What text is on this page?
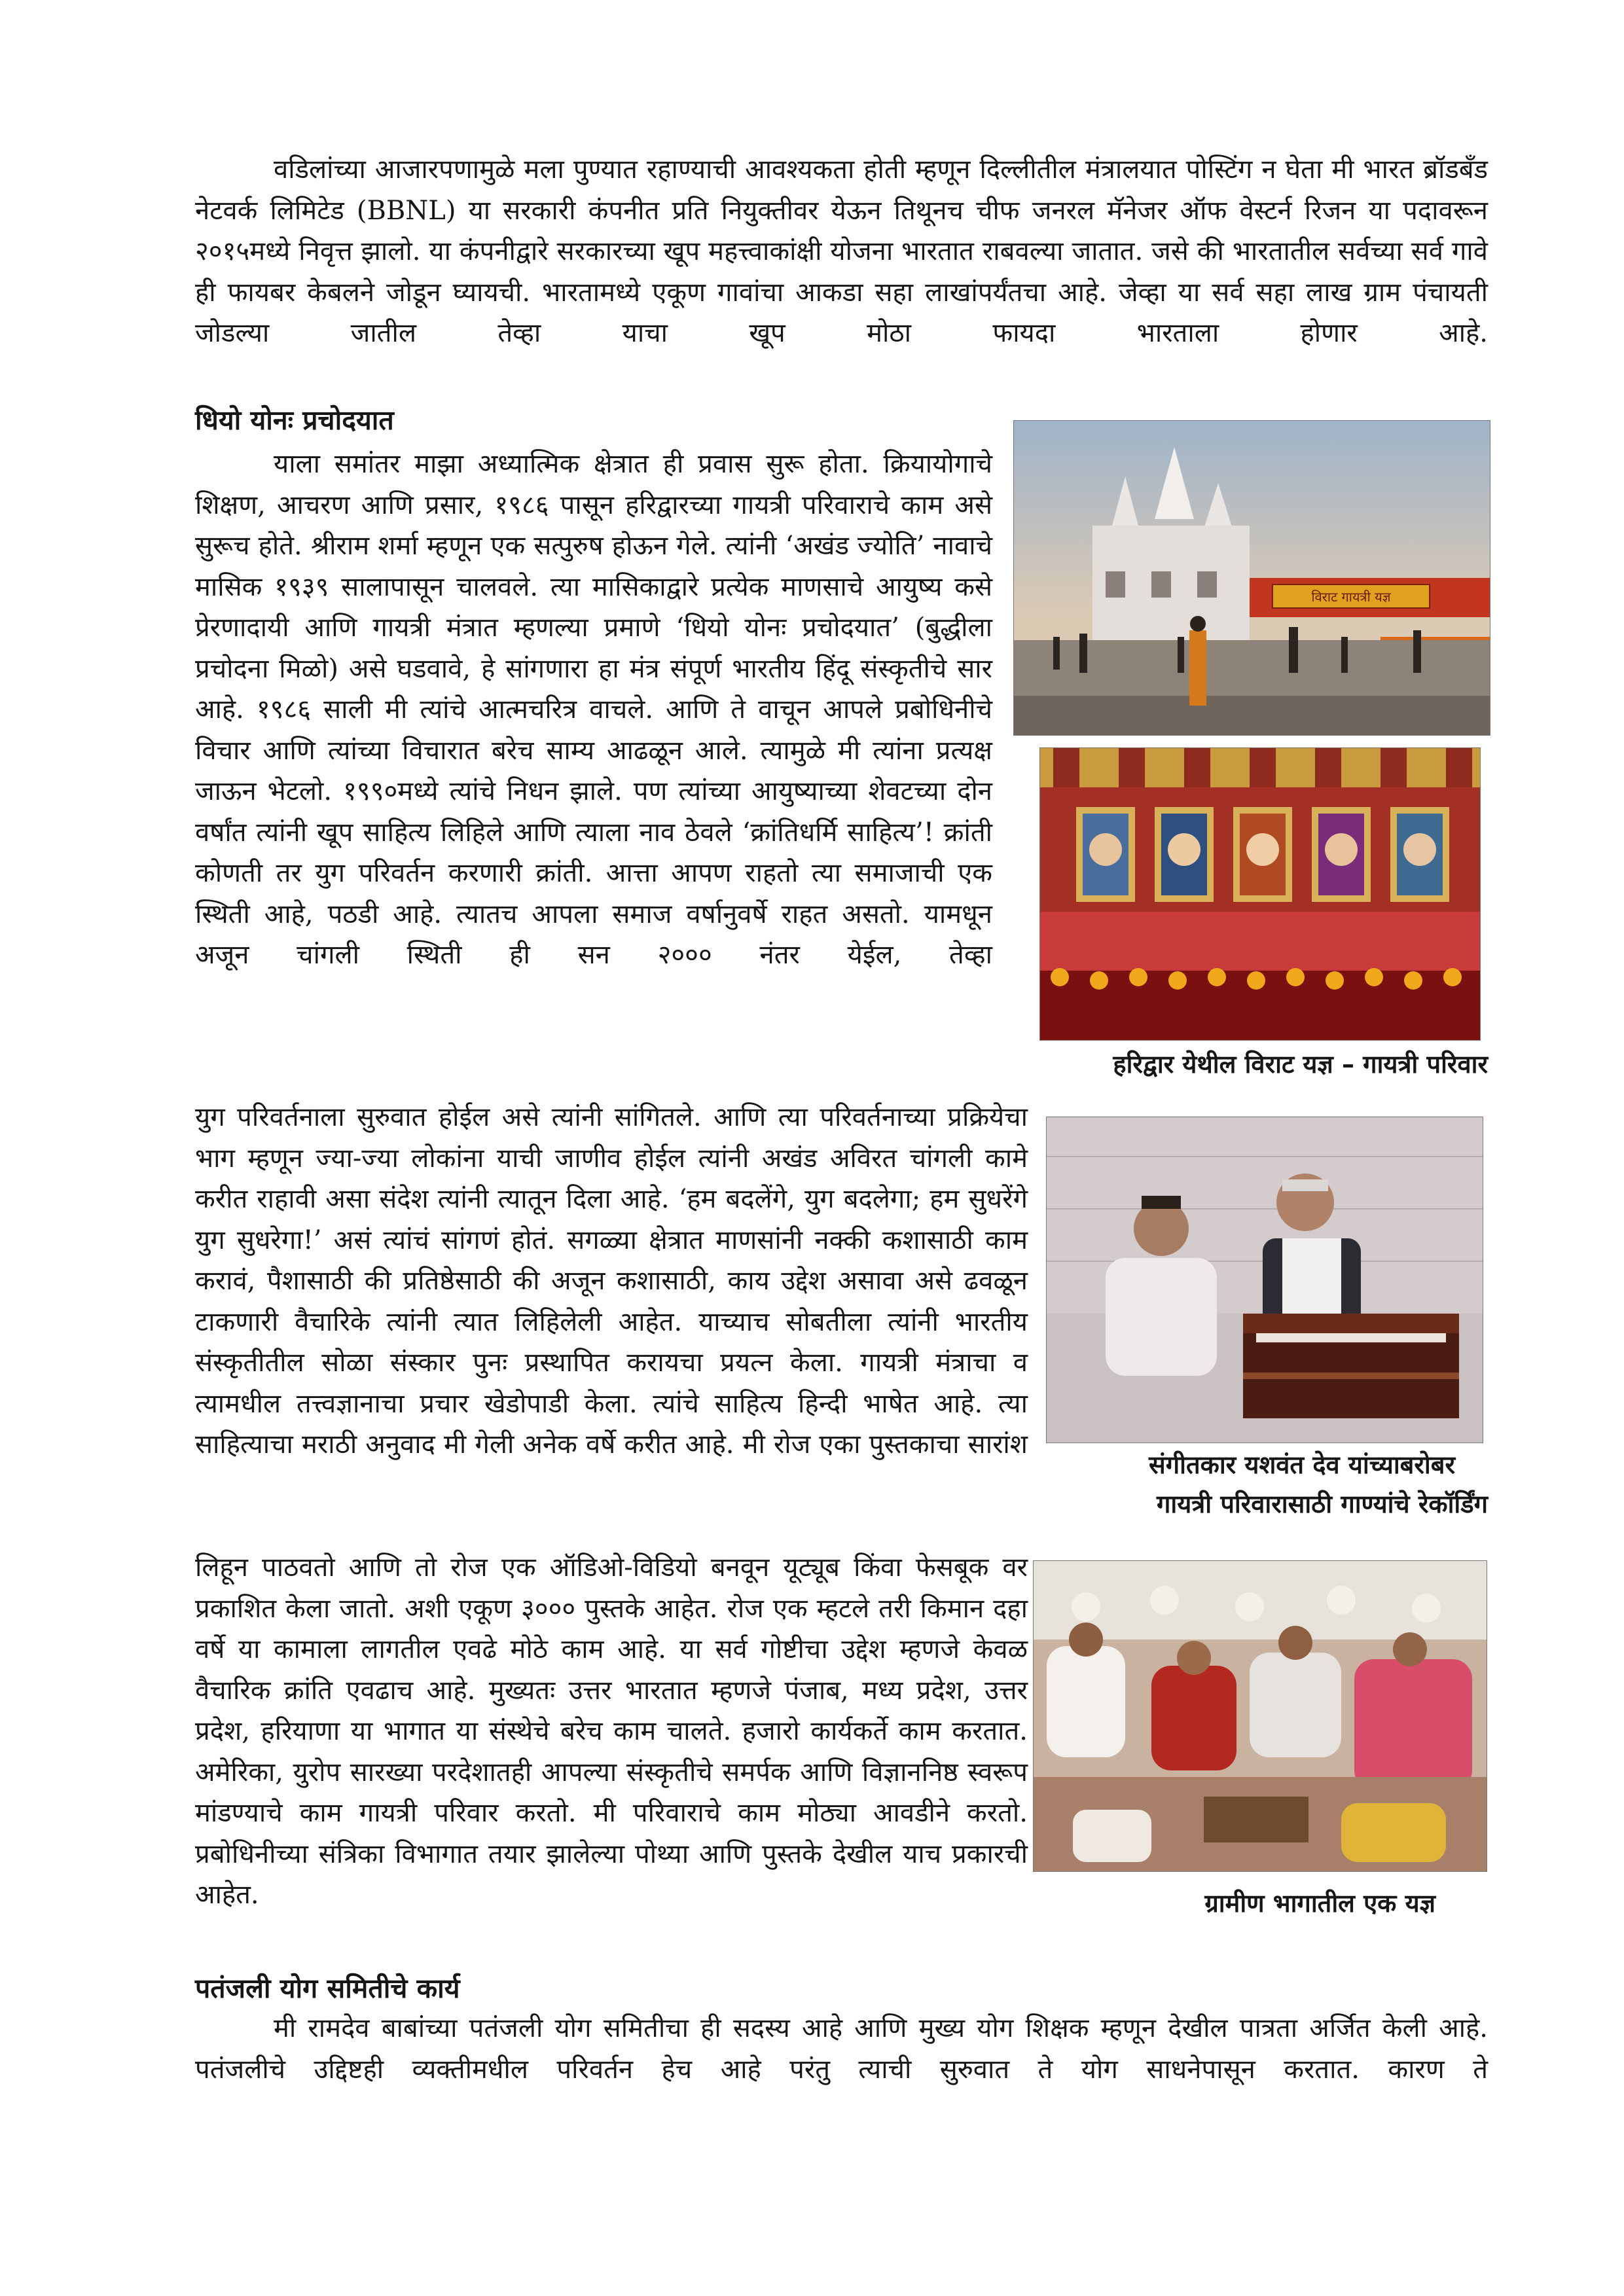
वडिलांच्या आजारपणामुळे मला पुण्यात रहाण्याची आवश्यकता होती म्हणून दिल्लीतील मंत्रालयात पोस्टिंग न घेता मी भारत ब्रॉडबँड नेटवर्क लिमिटेड (BBNL) या सरकारी कंपनीत प्रति नियुक्तीवर येऊन तिथूनच चीफ जनरल मॅनेजर ऑफ वेस्टर्न रिजन या पदावरून २०१५मध्ये निवृत्त झालो. या कंपनीद्वारे सरकारच्या खूप महत्त्वाकांक्षी योजना भारतात राबवल्या जातात. जसे की भारतातील सर्वच्या सर्व गावे ही फायबर केबलने जोडून घ्यायची. भारतामध्ये एकूण गावांचा आकडा सहा लाखांपर्यंतचा आहे. जेव्हा या सर्व सहा लाख ग्राम पंचायती जोडल्या जातील तेव्हा याचा खूप मोठा फायदा भारताला होणार आहे.

धियो योनः प्रचोदयात

याला समांतर माझा अध्यात्मिक क्षेत्रात ही प्रवास सुरू होता. क्रियायोगाचे शिक्षण, आचरण आणि प्रसार, १९८६ पासून हरिद्वारच्या गायत्री परिवाराचे काम असे सुरूच होते. श्रीराम शर्मा म्हणून एक सत्पुरुष होऊन गेले. त्यांनी ‘अखंड ज्योति’ नावाचे मासिक १९३९ सालापासून चालवले. त्या मासिकाद्वारे प्रत्येक माणसाचे आयुष्य कसे प्रेरणादायी आणि गायत्री मंत्रात म्हणल्या प्रमाणे ‘धियो योनः प्रचोदयात’ (बुद्धीला प्रचोदना मिळो) असे घडवावे, हे सांगणारा हा मंत्र संपूर्ण भारतीय हिंदू संस्कृतीचे सार आहे. १९८६ साली मी त्यांचे आत्मचरित्र वाचले. आणि ते वाचून आपले प्रबोधिनीचे विचार आणि त्यांच्या विचारात बरेच साम्य आढळून आले. त्यामुळे मी त्यांना प्रत्यक्ष जाऊन भेटलो. १९९०मध्ये त्यांचे निधन झाले. पण त्यांच्या आयुष्याच्या शेवटच्या दोन वर्षांत त्यांनी खूप साहित्य लिहिले आणि त्याला नाव ठेवले ‘क्रांतिधर्मि साहित्य’! क्रांती कोणती तर युग परिवर्तन करणारी क्रांती. आत्ता आपण राहतो त्या समाजाची एक स्थिती आहे, पठडी आहे. त्यातच आपला समाज वर्षानुवर्षे राहत असतो. यामधून अजून चांगली स्थिती ही सन २००० नंतर येईल, तेव्हा

युग परिवर्तनाला सुरुवात होईल असे त्यांनी सांगितले. आणि त्या परिवर्तनाच्या प्रक्रियेचा भाग म्हणून ज्या-ज्या लोकांना याची जाणीव होईल त्यांनी अखंड अविरत चांगली कामे करीत राहावी असा संदेश त्यांनी त्यातून दिला आहे. ‘हम बदलेंगे, युग बदलेगा; हम सुधरेंगे युग सुधरेगा!’ असं त्यांचं सांगणं होतं. सगळ्या क्षेत्रात माणसांनी नक्की कशासाठी काम करावं, पैशासाठी की प्रतिष्ठेसाठी की अजून कशासाठी, काय उद्देश असावा असे ढवळून टाकणारी वैचारिके त्यांनी त्यात लिहिलेली आहेत. याच्याच सोबतीला त्यांनी भारतीय संस्कृतीतील सोळा संस्कार पुनः प्रस्थापित करायचा प्रयत्न केला. गायत्री मंत्राचा व त्यामधील तत्त्वज्ञानाचा प्रचार खेडोपाडी केला. त्यांचे साहित्य हिन्दी भाषेत आहे. त्या साहित्याचा मराठी अनुवाद मी गेली अनेक वर्षे करीत आहे. मी रोज एका पुस्तकाचा सारांश

लिहून पाठवतो आणि तो रोज एक ऑडिओ-विडियो बनवून यूट्यूब किंवा फेसबूक वर प्रकाशित केला जातो. अशी एकूण ३००० पुस्तके आहेत. रोज एक म्हटले तरी किमान दहा वर्षे या कामाला लागतील एवढे मोठे काम आहे. या सर्व गोष्टीचा उद्देश म्हणजे केवळ वैचारिक क्रांति एवढाच आहे. मुख्यतः उत्तर भारतात म्हणजे पंजाब, मध्य प्रदेश, उत्तर प्रदेश, हरियाणा या भागात या संस्थेचे बरेच काम चालते. हजारो कार्यकर्ते काम करतात. अमेरिका, युरोप सारख्या परदेशातही आपल्या संस्कृतीचे समर्पक आणि विज्ञाननिष्ठ स्वरूप मांडण्याचे काम गायत्री परिवार करतो. मी परिवाराचे काम मोठ्या आवडीने करतो. प्रबोधिनीच्या संत्रिका विभागात तयार झालेल्या पोथ्या आणि पुस्तके देखील याच प्रकारची आहेत.

विराट गायत्री यज्ञ

हरिद्वार येथील विराट यज्ञ – गायत्री परिवार

संगीतकार यशवंत देव यांच्याबरोबर

गायत्री परिवारासाठी गाण्यांचे रेकॉर्डिंग

ग्रामीण भागातील एक यज्ञ

पतंजली योग समितीचे कार्य

मी रामदेव बाबांच्या पतंजली योग समितीचा ही सदस्य आहे आणि मुख्य योग शिक्षक म्हणून देखील पात्रता अर्जित केली आहे. पतंजलीचे उद्दिष्टही व्यक्तीमधील परिवर्तन हेच आहे परंतु त्याची सुरुवात ते योग साधनेपासून करतात. कारण ते
